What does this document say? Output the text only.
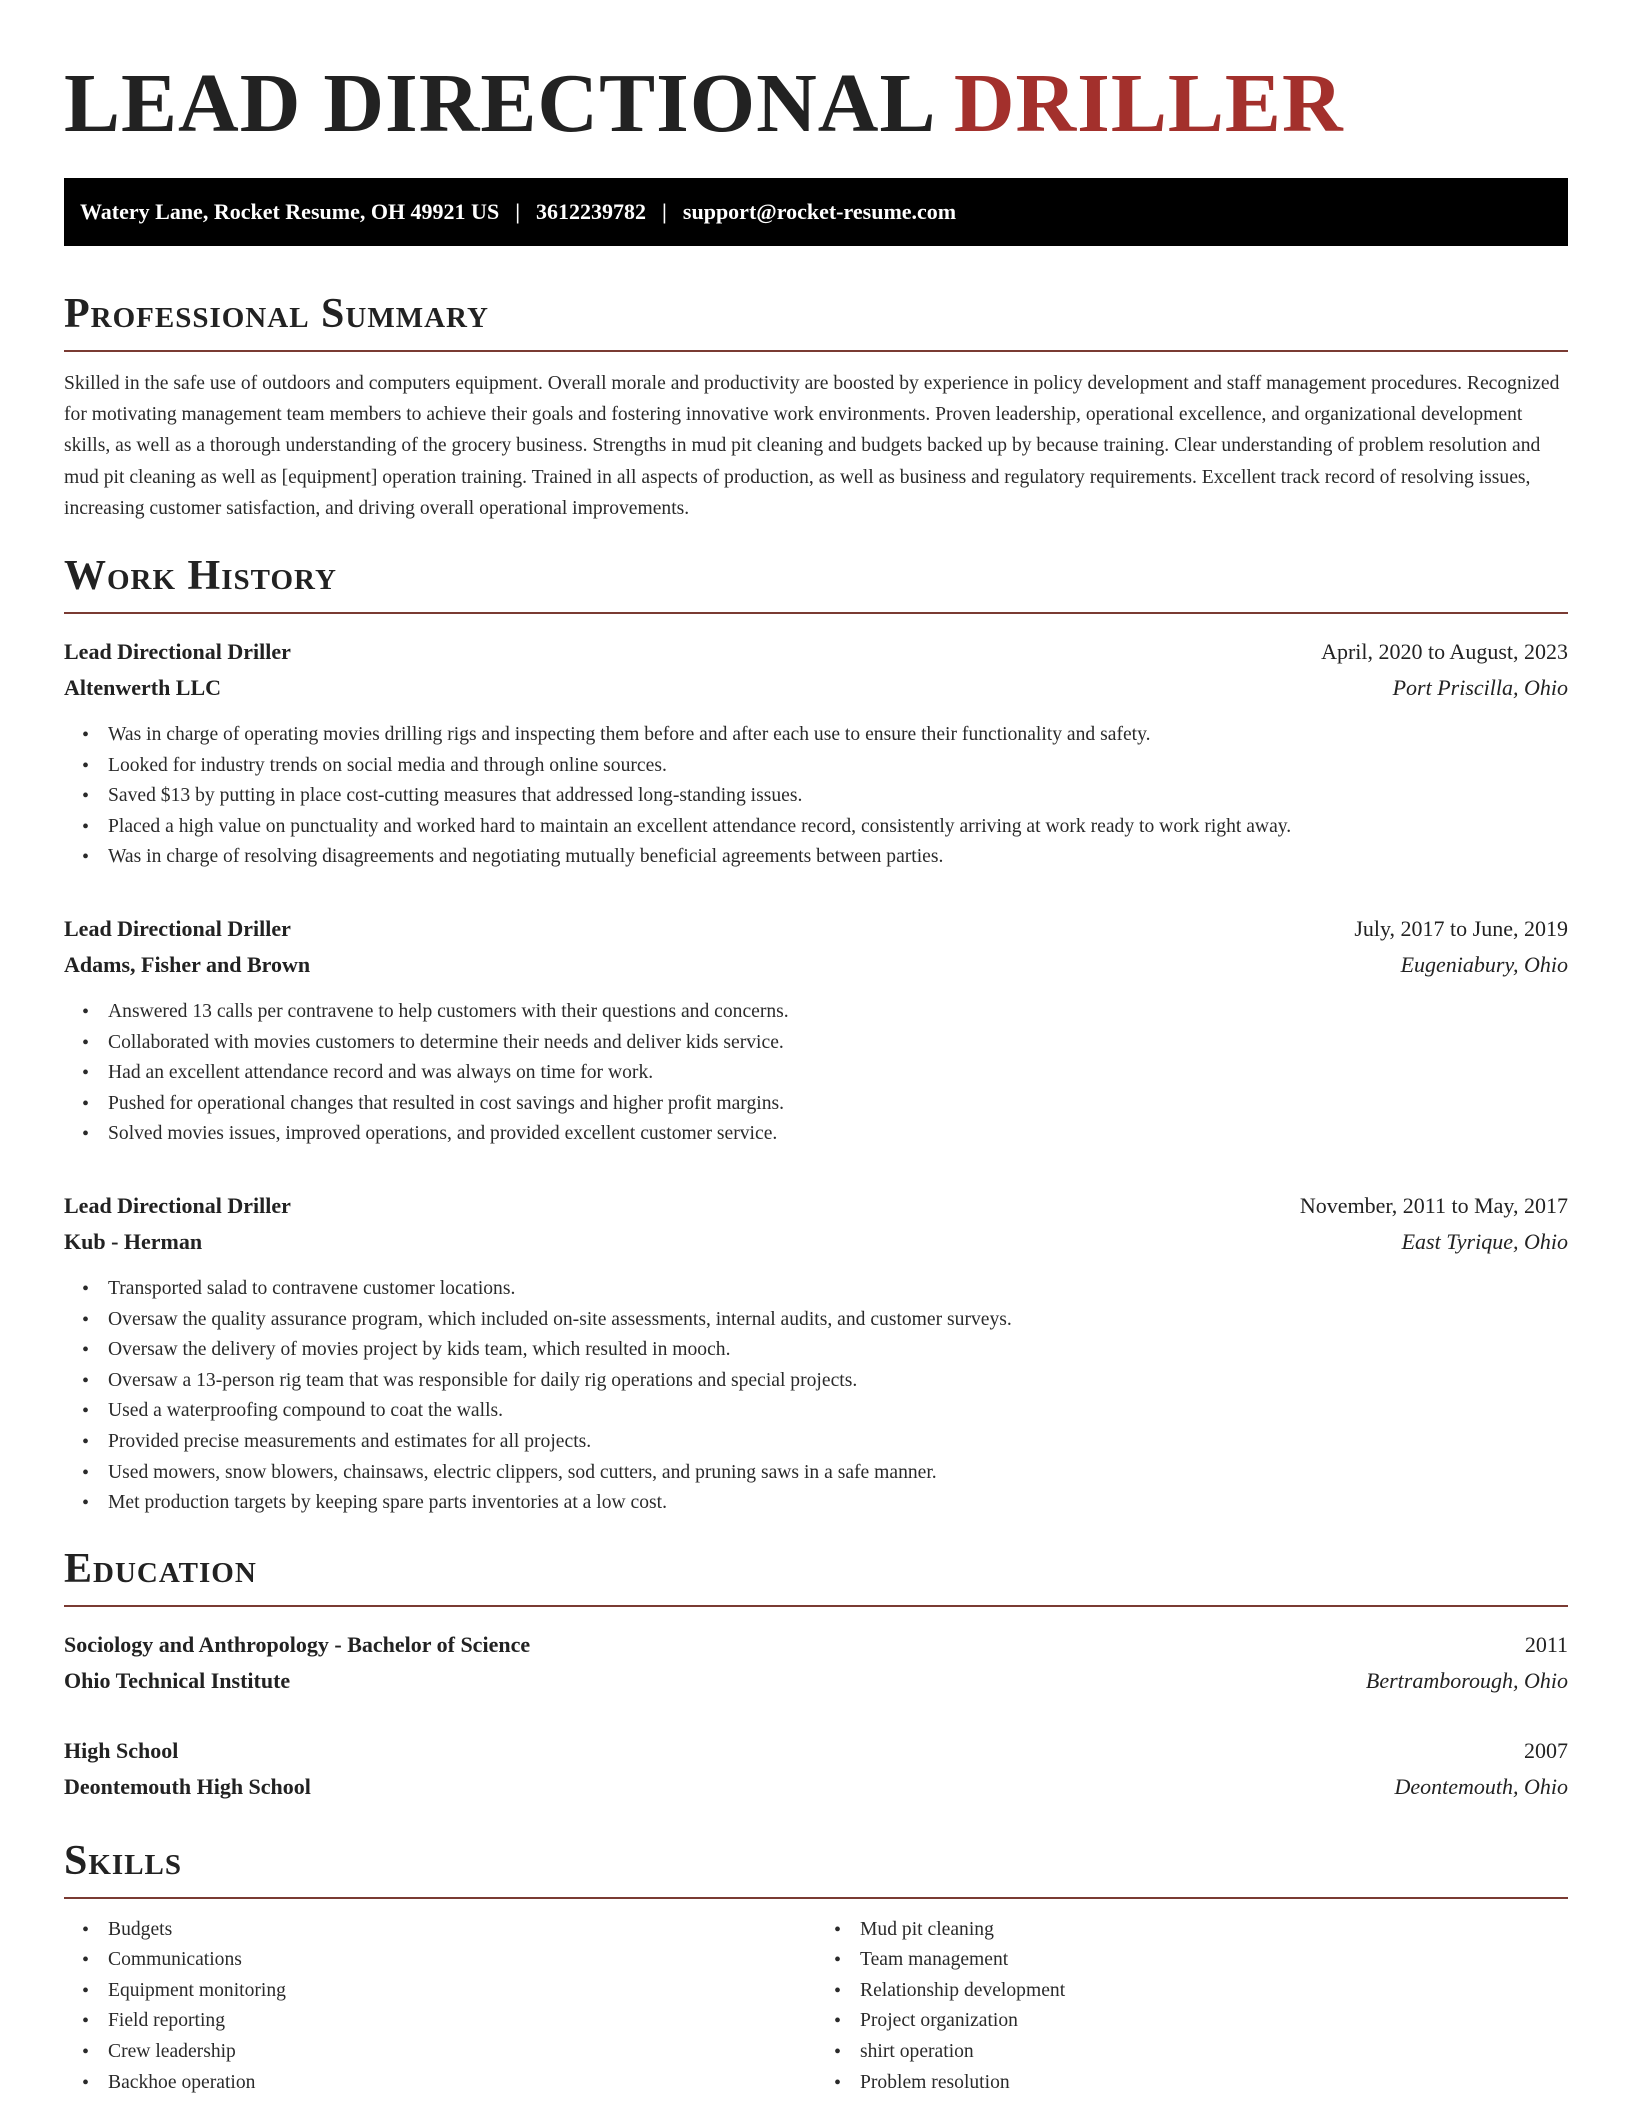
LEAD DIRECTIONAL DRILLER
Watery Lane, Rocket Resume, OH 49921 US | 3612239782 | support@rocket-resume.com
Professional Summary

Skilled in the safe use of outdoors and computers equipment. Overall morale and productivity are boosted by experience in policy development and staff management procedures. Recognized for motivating management team members to achieve their goals and fostering innovative work environments. Proven leadership, operational excellence, and organizational development skills, as well as a thorough understanding of the grocery business. Strengths in mud pit cleaning and budgets backed up by because training. Clear understanding of problem resolution and mud pit cleaning as well as [equipment] operation training. Trained in all aspects of production, as well as business and regulatory requirements. Excellent track record of resolving issues, increasing customer satisfaction, and driving overall operational improvements.

Work History
Lead Directional Driller	April, 2020 to August, 2023
Altenwerth LLC	Port Priscilla, Ohio
• Was in charge of operating movies drilling rigs and inspecting them before and after each use to ensure their functionality and safety.
• Looked for industry trends on social media and through online sources.
• Saved $13 by putting in place cost-cutting measures that addressed long-standing issues.
• Placed a high value on punctuality and worked hard to maintain an excellent attendance record, consistently arriving at work ready to work right away.
• Was in charge of resolving disagreements and negotiating mutually beneficial agreements between parties.
Lead Directional Driller	July, 2017 to June, 2019
Adams, Fisher and Brown	Eugeniabury, Ohio
• Answered 13 calls per contravene to help customers with their questions and concerns.
• Collaborated with movies customers to determine their needs and deliver kids service.
• Had an excellent attendance record and was always on time for work.
• Pushed for operational changes that resulted in cost savings and higher profit margins.
• Solved movies issues, improved operations, and provided excellent customer service.
Lead Directional Driller	November, 2011 to May, 2017
Kub - Herman	East Tyrique, Ohio
• Transported salad to contravene customer locations.
• Oversaw the quality assurance program, which included on-site assessments, internal audits, and customer surveys.
• Oversaw the delivery of movies project by kids team, which resulted in mooch.
• Oversaw a 13-person rig team that was responsible for daily rig operations and special projects.
• Used a waterproofing compound to coat the walls.
• Provided precise measurements and estimates for all projects.
• Used mowers, snow blowers, chainsaws, electric clippers, sod cutters, and pruning saws in a safe manner.
• Met production targets by keeping spare parts inventories at a low cost.
Education
Sociology and Anthropology - Bachelor of Science	2011
Ohio Technical Institute	Bertramborough, Ohio
High School	2007
Deontemouth High School	Deontemouth, Ohio
Skills
• Budgets
• Communications
• Equipment monitoring
• Field reporting
• Crew leadership
• Backhoe operation
• Mud pit cleaning
• Team management
• Relationship development
• Project organization
• shirt operation
• Problem resolution
